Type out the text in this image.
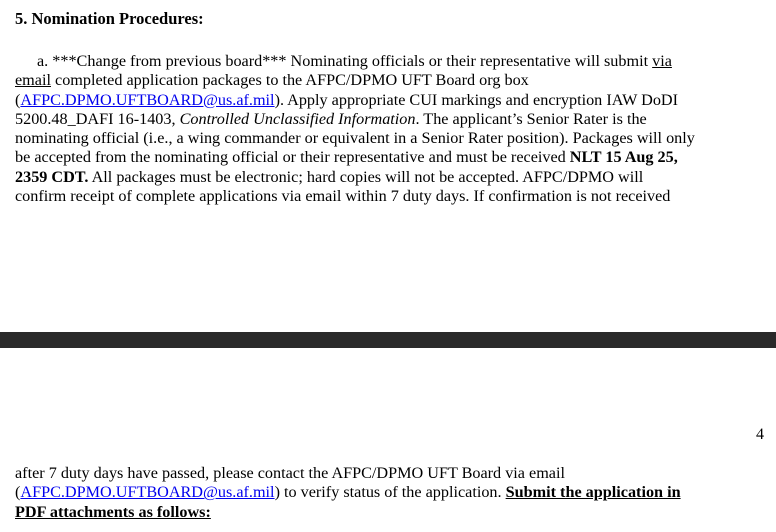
5. Nomination Procedures:

a. ***Change from previous board*** Nominating officials or their representative will submit via
email completed application packages to the AFPC/DPMO UFT Board org box
(AFPC.DPMO.UFTBOARD@us.af.mil). Apply appropriate CUI markings and encryption IAW DoDI
5200.48_DAFI 16-1403, Controlled Unclassified Information. The applicant’s Senior Rater is the
nominating official (i.e., a wing commander or equivalent in a Senior Rater position). Packages will only
be accepted from the nominating official or their representative and must be received NLT 15 Aug 25,
2359 CDT. All packages must be electronic; hard copies will not be accepted. AFPC/DPMO will
confirm receipt of complete applications via email within 7 duty days. If confirmation is not received

4

after 7 duty days have passed, please contact the AFPC/DPMO UFT Board via email
(AFPC.DPMO.UFTBOARD@us.af.mil) to verify status of the application. Submit the application in
PDF attachments as follows:
